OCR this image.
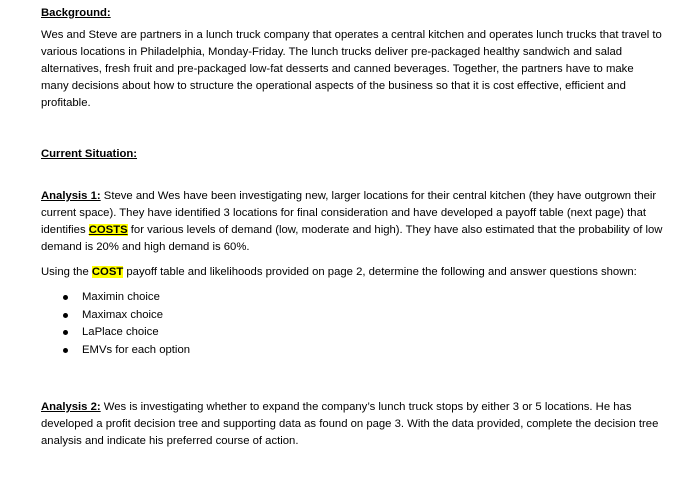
Background:
Wes and Steve are partners in a lunch truck company that operates a central kitchen and operates lunch trucks that travel to various locations in Philadelphia, Monday-Friday. The lunch trucks deliver pre-packaged healthy sandwich and salad alternatives, fresh fruit and pre-packaged low-fat desserts and canned beverages. Together, the partners have to make many decisions about how to structure the operational aspects of the business so that it is cost effective, efficient and profitable.
Current Situation:
Analysis 1: Steve and Wes have been investigating new, larger locations for their central kitchen (they have outgrown their current space). They have identified 3 locations for final consideration and have developed a payoff table (next page) that identifies COSTS for various levels of demand (low, moderate and high). They have also estimated that the probability of low demand is 20% and high demand is 60%.
Using the COST payoff table and likelihoods provided on page 2, determine the following and answer questions shown:
Maximin choice
Maximax choice
LaPlace choice
EMVs for each option
Analysis 2: Wes is investigating whether to expand the company’s lunch truck stops by either 3 or 5 locations. He has developed a profit decision tree and supporting data as found on page 3. With the data provided, complete the decision tree analysis and indicate his preferred course of action.
